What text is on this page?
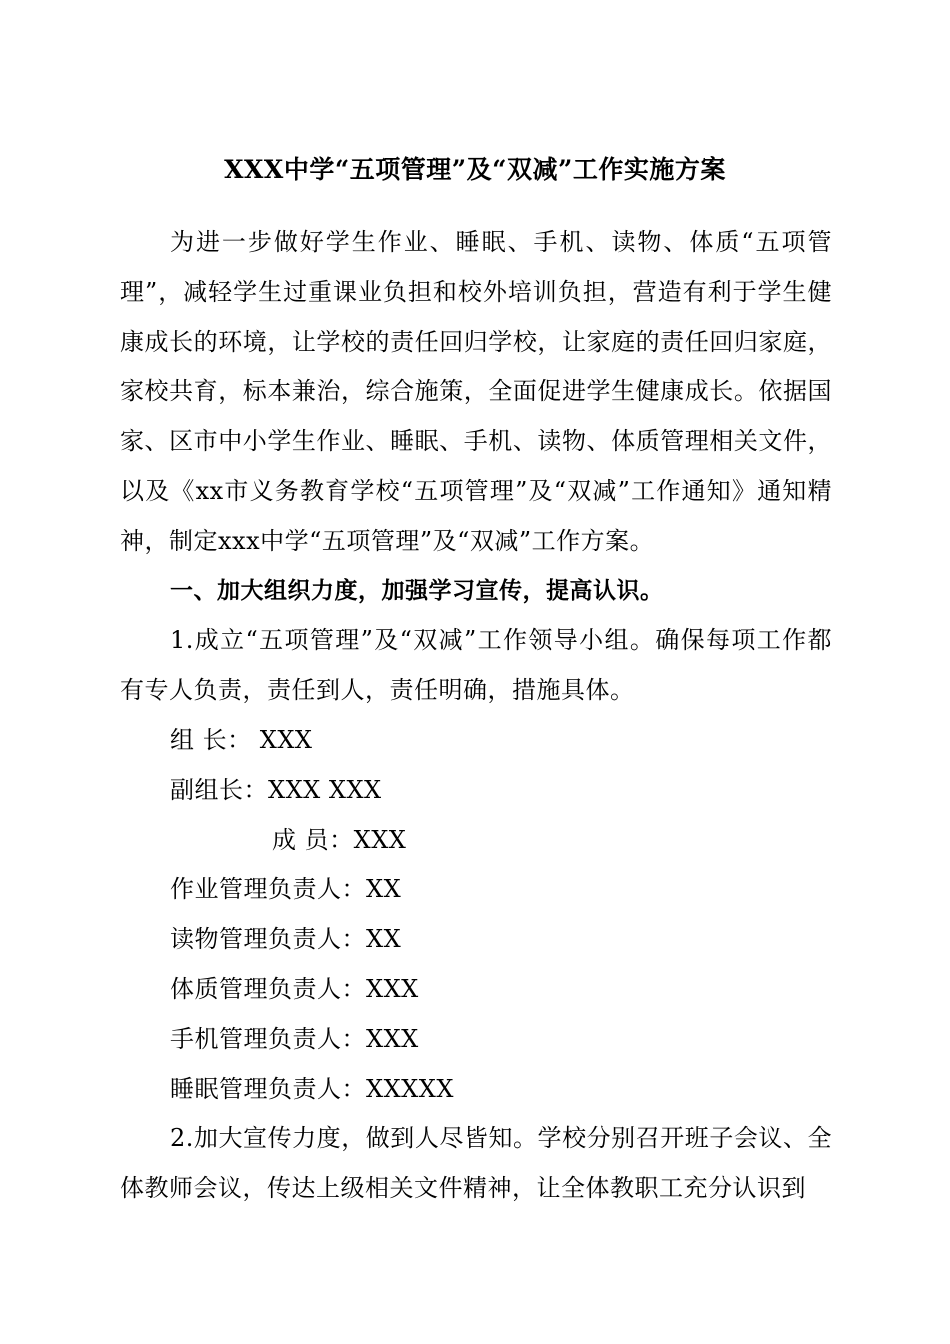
XXX中学“五项管理”及“双减”工作实施方案

为进一步做好学生作业、睡眠、手机、读物、体质“五项管理”，减轻学生过重课业负担和校外培训负担，营造有利于学生健康成长的环境，让学校的责任回归学校，让家庭的责任回归家庭，家校共育，标本兼治，综合施策，全面促进学生健康成长。依据国家、区市中小学生作业、睡眠、手机、读物、体质管理相关文件，以及《xx市义务教育学校“五项管理”及“双减”工作通知》通知精神，制定xxx中学“五项管理”及“双减”工作方案。

一、加大组织力度，加强学习宣传，提高认识。

1.成立“五项管理”及“双减”工作领导小组。确保每项工作都有专人负责，责任到人，责任明确，措施具体。

组 长： XXX

副组长：XXX XXX

成 员：XXX

作业管理负责人：XX

读物管理负责人：XX

体质管理负责人：XXX

手机管理负责人：XXX

睡眠管理负责人：XXXXX

2.加大宣传力度，做到人尽皆知。学校分别召开班子会议、全体教师会议，传达上级相关文件精神，让全体教职工充分认识到
